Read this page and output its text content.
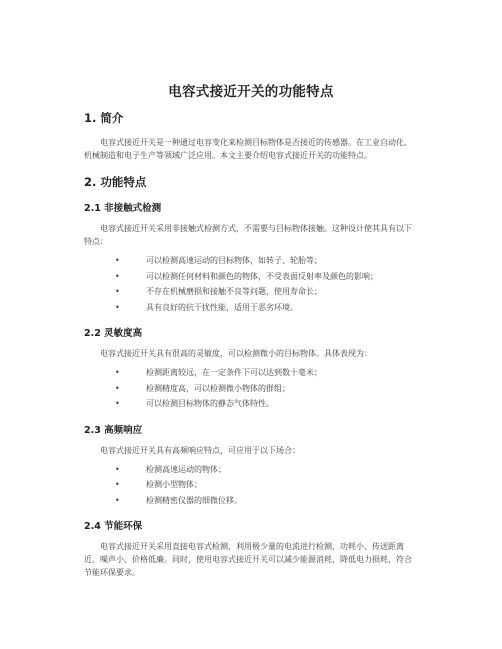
电容式接近开关的功能特点
1. 简介

电容式接近开关是一种通过电容变化来检测目标物体是否接近的传感器。在工业自动化、机械制造和电子生产等领域广泛应用。本文主要介绍电容式接近开关的功能特点。

2. 功能特点
2.1 非接触式检测

电容式接近开关采用非接触式检测方式，不需要与目标物体接触。这种设计使其具有以下特点：

•	可以检测高速运动的目标物体，如转子、轮胎等；
•	可以检测任何材料和颜色的物体，不受表面反射率及颜色的影响；
•	不存在机械磨损和接触不良等问题，使用寿命长；
•	具有良好的抗干扰性能，适用于恶劣环境。
2.2 灵敏度高

电容式接近开关具有很高的灵敏度，可以检测微小的目标物体。具体表现为：

•	检测距离较远，在一定条件下可以达到数十毫米；
•	检测精度高，可以检测微小物体的群组；
•	可以检测目标物体的静态气体特性。
2.3 高频响应

电容式接近开关具有高频响应特点，可应用于以下场合：

•	检测高速运动的物体；
•	检测小型物体；
•	检测精密仪器的细微位移。
2.4 节能环保

电容式接近开关采用直接电容式检测，利用极少量的电流进行检测，功耗小、传送距离近、噪声小、价格低廉。同时，使用电容式接近开关可以减少能源消耗，降低电力损耗，符合节能环保要求。
